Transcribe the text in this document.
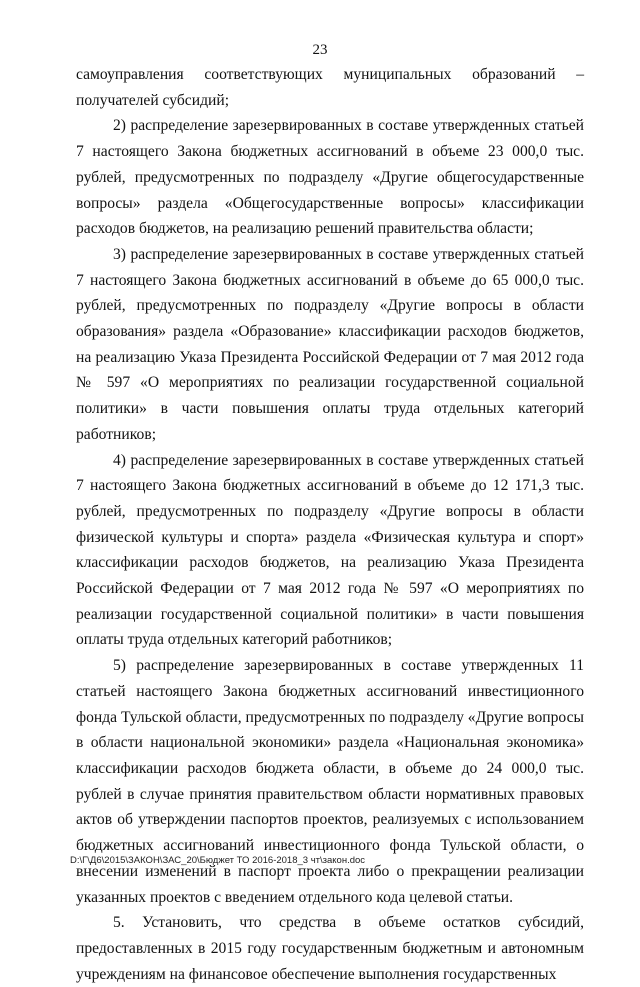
23

самоуправления соответствующих муниципальных образований – получателей субсидий;

2) распределение зарезервированных в составе утвержденных статьей 7 настоящего Закона бюджетных ассигнований в объеме 23 000,0 тыс. рублей, предусмотренных по подразделу «Другие общегосударственные вопросы» раздела «Общегосударственные вопросы» классификации расходов бюджетов, на реализацию решений правительства области;

3) распределение зарезервированных в составе утвержденных статьей 7 настоящего Закона бюджетных ассигнований в объеме до 65 000,0 тыс. рублей, предусмотренных по подразделу «Другие вопросы в области образования» раздела «Образование» классификации расходов бюджетов, на реализацию Указа Президента Российской Федерации от 7 мая 2012 года № 597 «О мероприятиях по реализации государственной социальной политики» в части повышения оплаты труда отдельных категорий работников;

4) распределение зарезервированных в составе утвержденных статьей 7 настоящего Закона бюджетных ассигнований в объеме до 12 171,3 тыс. рублей, предусмотренных по подразделу «Другие вопросы в области физической культуры и спорта» раздела «Физическая культура и спорт» классификации расходов бюджетов, на реализацию Указа Президента Российской Федерации от 7 мая 2012 года № 597 «О мероприятиях по реализации государственной социальной политики» в части повышения оплаты труда отдельных категорий работников;

5) распределение зарезервированных в составе утвержденных 11 статьей настоящего Закона бюджетных ассигнований инвестиционного фонда Тульской области, предусмотренных по подразделу «Другие вопросы в области национальной экономики» раздела «Национальная экономика» классификации расходов бюджета области, в объеме до 24 000,0 тыс. рублей в случае принятия правительством области нормативных правовых актов об утверждении паспортов проектов, реализуемых с использованием бюджетных ассигнований инвестиционного фонда Тульской области, о внесении изменений в паспорт проекта либо о прекращении реализации указанных проектов с введением отдельного кода целевой статьи.

5. Установить, что средства в объеме остатков субсидий, предоставленных в 2015 году государственным бюджетным и автономным учреждениям на финансовое обеспечение выполнения государственных

D:\Г\Д6\2015\ЗАКОН\ЗАС_20\Бюджет ТО 2016-2018_3 чт\закон.doc
